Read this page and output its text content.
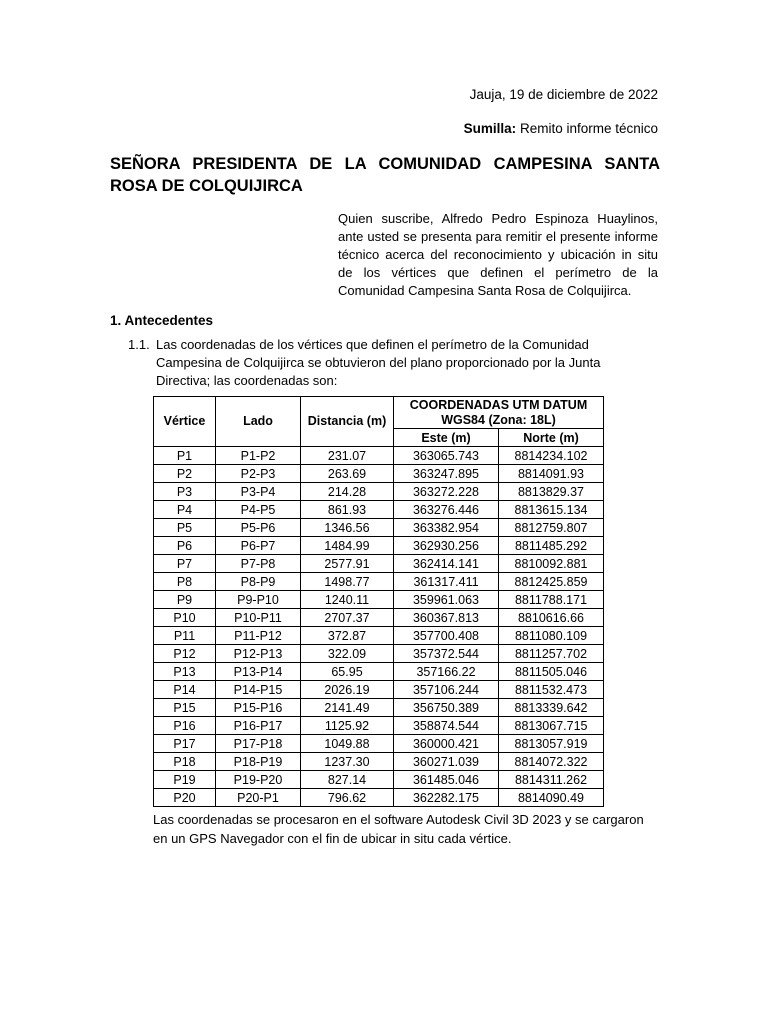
Jauja, 19 de diciembre de 2022
Sumilla: Remito informe técnico
SEÑORA PRESIDENTA DE LA COMUNIDAD CAMPESINA SANTA ROSA DE COLQUIJIRCA
Quien suscribe, Alfredo Pedro Espinoza Huaylinos, ante usted se presenta para remitir el presente informe técnico acerca del reconocimiento y ubicación in situ de los vértices que definen el perímetro de la Comunidad Campesina Santa Rosa de Colquijirca.
1. Antecedentes
1.1. Las coordenadas de los vértices que definen el perímetro de la Comunidad Campesina de Colquijirca se obtuvieron del plano proporcionado por la Junta Directiva; las coordenadas son:
Vértice	Lado	Distancia (m)	COORDENADAS UTM DATUM WGS84 (Zona: 18L)	
			Este (m)	Norte (m)
P1	P1-P2	231.07	363065.743	8814234.102
P2	P2-P3	263.69	363247.895	8814091.93
P3	P3-P4	214.28	363272.228	8813829.37
P4	P4-P5	861.93	363276.446	8813615.134
P5	P5-P6	1346.56	363382.954	8812759.807
P6	P6-P7	1484.99	362930.256	8811485.292
P7	P7-P8	2577.91	362414.141	8810092.881
P8	P8-P9	1498.77	361317.411	8812425.859
P9	P9-P10	1240.11	359961.063	8811788.171
P10	P10-P11	2707.37	360367.813	8810616.66
P11	P11-P12	372.87	357700.408	8811080.109
P12	P12-P13	322.09	357372.544	8811257.702
P13	P13-P14	65.95	357166.22	8811505.046
P14	P14-P15	2026.19	357106.244	8811532.473
P15	P15-P16	2141.49	356750.389	8813339.642
P16	P16-P17	1125.92	358874.544	8813067.715
P17	P17-P18	1049.88	360000.421	8813057.919
P18	P18-P19	1237.30	360271.039	8814072.322
P19	P19-P20	827.14	361485.046	8814311.262
P20	P20-P1	796.62	362282.175	8814090.49
Las coordenadas se procesaron en el software Autodesk Civil 3D 2023 y se cargaron en un GPS Navegador con el fin de ubicar in situ cada vértice.
